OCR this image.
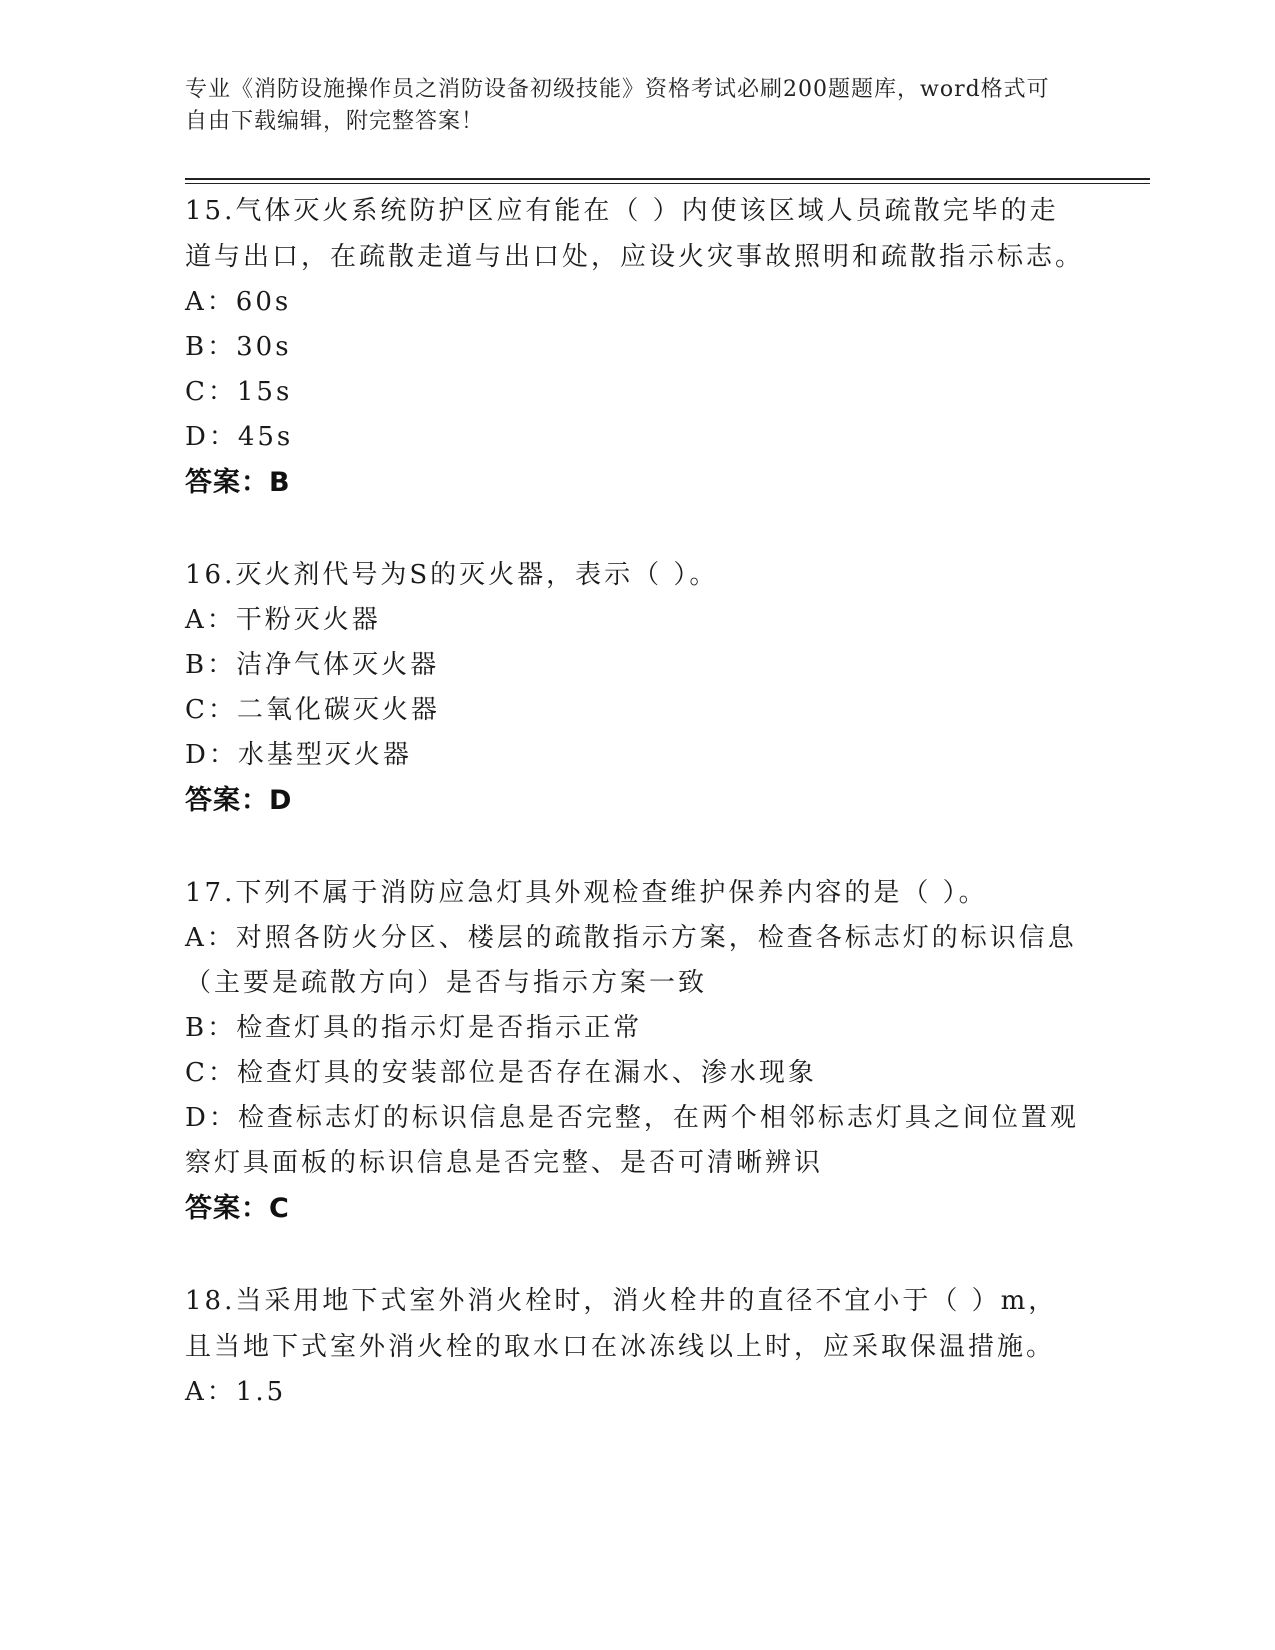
专业《消防设施操作员之消防设备初级技能》资格考试必刷200题题库，word格式可自由下载编辑，附完整答案！

15.气体灭火系统防护区应有能在（ ）内使该区域人员疏散完毕的走道与出口，在疏散走道与出口处，应设火灾事故照明和疏散指示标志。

A：60s

B：30s

C：15s

D：45s

答案：B

16.灭火剂代号为S的灭火器，表示（ ）。

A：干粉灭火器

B：洁净气体灭火器

C：二氧化碳灭火器

D：水基型灭火器

答案：D

17.下列不属于消防应急灯具外观检查维护保养内容的是（ ）。

A：对照各防火分区、楼层的疏散指示方案，检查各标志灯的标识信息（主要是疏散方向）是否与指示方案一致

B：检查灯具的指示灯是否指示正常

C：检查灯具的安装部位是否存在漏水、渗水现象

D：检查标志灯的标识信息是否完整，在两个相邻标志灯具之间位置观察灯具面板的标识信息是否完整、是否可清晰辨识

答案：C

18.当采用地下式室外消火栓时，消火栓井的直径不宜小于（ ）m，且当地下式室外消火栓的取水口在冰冻线以上时，应采取保温措施。

A：1.5
